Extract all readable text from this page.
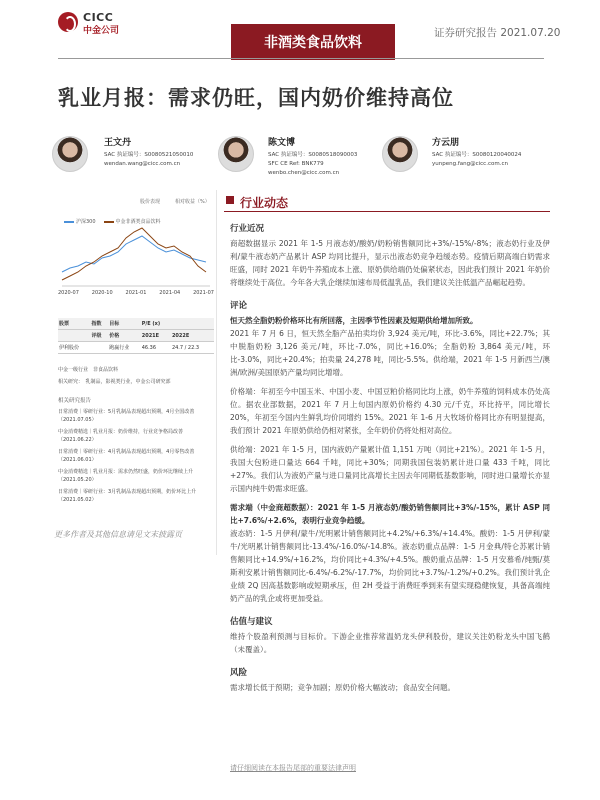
CICC
中金公司
非酒类食品饮料
证券研究报告 2021.07.20
乳业月报：需求仍旺，国内奶价维持高位
王文丹
SAC 执证编号：S0080521050010
wendan.wang@cicc.com.cn
陈文博
SAC 执证编号：S0080518090003
SFC CE Ref: BNK779
wenbo.chen@cicc.com.cn
方云朋
SAC 执证编号：S0080120040024
yunpeng.fang@cicc.com.cn
股价表现　　　相对收益（%）
沪深300	中金非酒类食品饮料
2020-07	2020-10	2021-01	2021-04	2021-07
股票	指数	目标	P/E (x)	
	评级	价格	2021E	2022E
伊利股份		跑赢行业	46.36	24.7 / 22.3
中金一级行业　非食品饮料
相关研究：　乳制品，影视类行业，中金公司研究部
相关研究报告
日常消费｜零研行业：5月乳制品表现超出预期，4月全国改善（2021.07.05）
中金消费精选｜乳业月报：奶价维持，行业竞争格局改善（2021.06.22）
日常消费｜零研行业：4月乳制品表现超出预期，4月零售改善（2021.06.01）
中金消费精选｜乳业月报：需求仍然旺盛，奶价环比继续上升（2021.05.20）
日常消费｜零研行业：3月乳制品表现超出预期，奶价环比上升（2021.05.02）
更多作者及其他信息请见文末披露页
行业动态
行业近况
商超数据显示 2021 年 1-5 月液态奶/酸奶/奶粉销售额同比+3%/-15%/-8%；液态奶行业及伊利/蒙牛液态奶产品累计 ASP 均同比提升，显示出液态奶竞争趋缓态势。疫情后期高端白奶需求旺盛，同时 2021 年奶牛养殖成本上涨、原奶供给端仍处偏紧状态，因此我们预计 2021 年奶价将继续处于高位。今年各大乳企继续加速布局低温乳品，我们建议关注低温产品崛起趋势。
评论
恒天然全脂奶粉价格环比有所回落，主因季节性因素及短期供给增加所致。
2021 年 7 月 6 日，恒天然全脂产品拍卖均价 3,924 美元/吨，环比-3.6%，同比+22.7%；其中脱脂奶粉 3,126 美元/吨，环比-7.0%，同比+16.0%；全脂奶粉 3,864 美元/吨，环比-3.0%，同比+20.4%；拍卖量 24,278 吨，同比-5.5%。供给端，2021 年 1-5 月新西兰/澳洲/欧洲/美国原奶产量均同比增增。
价格端：年初至今中国玉米、中国小麦、中国豆粕价格同比均上涨，奶牛养殖的饲料成本仍处高位。据农业部数据，2021 年 7 月上旬国内原奶价格约 4.30 元/千克，环比持平，同比增长 20%，年初至今国内生鲜乳均价同增约 15%。2021 年 1-6 月大牧场价格同比亦有明显提高，我们预计 2021 年原奶供给仍相对紧张，全年奶价仍将处相对高位。
供给端：2021 年 1-5 月，国内液奶产量累计值 1,151 万吨（同比+21%）。2021 年 1-5 月，我国大包粉进口量达 664 千吨，同比+30%；同期我国包装奶累计进口量 433 千吨，同比+27%。我们认为液奶产量与进口量同比高增长主因去年同期低基数影响，同时进口量增长亦显示国内纯牛奶需求旺盛。
需求端（中金商超数据）：2021 年 1-5 月液态奶/酸奶销售额同比+3%/-15%，累计 ASP 同比+7.6%/+2.6%，表明行业竞争趋缓。
液态奶：1-5 月伊利/蒙牛/光明累计销售额同比+4.2%/+6.3%/+14.4%。酸奶：1-5 月伊利/蒙牛/光明累计销售额同比-13.4%/-16.0%/-14.8%。液态奶重点品牌：1-5 月金典/特仑苏累计销售额同比+14.9%/+16.2%，均价同比+4.3%/+4.5%。酸奶重点品牌：1-5 月安慕希/纯甄/莫斯利安累计销售额同比-6.4%/-6.2%/-17.7%，均价同比+3.7%/-1.2%/+0.2%。我们预计乳企业绩 2Q 因高基数影响或短期承压，但 2H 受益于消费旺季到来有望实现稳健恢复，具备高端纯奶产品的乳企或将更加受益。
估值与建议
维持个股盈利预测与目标价。下游企业推荐常温奶龙头伊利股份，建议关注奶粉龙头中国飞鹤（未覆盖）。
风险
需求增长低于预期；竞争加剧；原奶价格大幅波动；食品安全问题。
请仔细阅读在本报告尾部的重要法律声明
